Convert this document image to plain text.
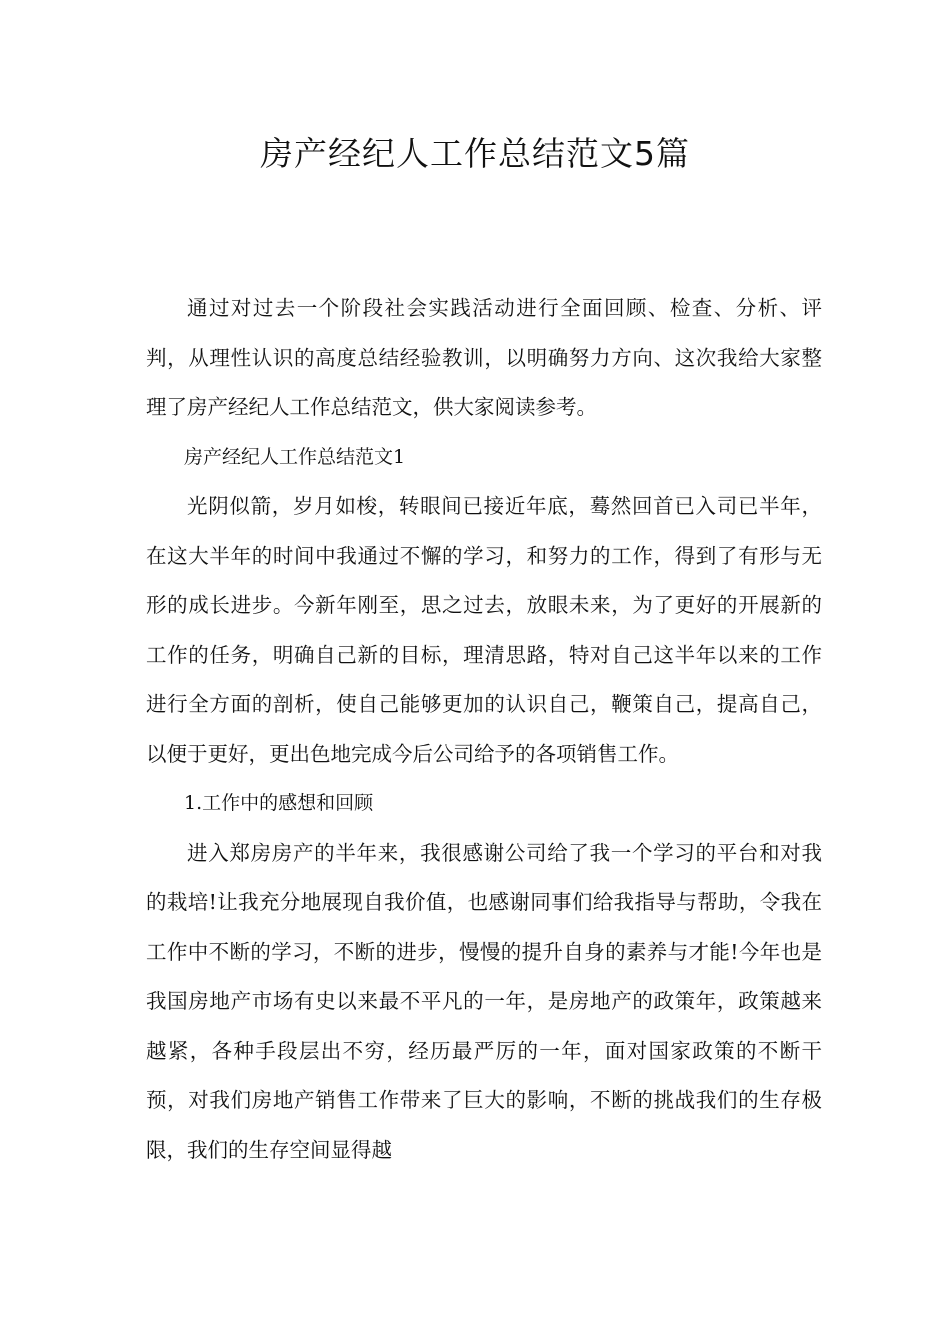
房产经纪人工作总结范文5篇

通过对过去一个阶段社会实践活动进行全面回顾、检查、分析、评判，从理性认识的高度总结经验教训，以明确努力方向、这次我给大家整理了房产经纪人工作总结范文，供大家阅读参考。

房产经纪人工作总结范文1

光阴似箭，岁月如梭，转眼间已接近年底，蓦然回首已入司已半年，在这大半年的时间中我通过不懈的学习，和努力的工作，得到了有形与无形的成长进步。今新年刚至，思之过去，放眼未来，为了更好的开展新的工作的任务，明确自己新的目标，理清思路，特对自己这半年以来的工作进行全方面的剖析，使自己能够更加的认识自己，鞭策自己，提高自己，以便于更好，更出色地完成今后公司给予的各项销售工作。

1.工作中的感想和回顾

进入郑房房产的半年来，我很感谢公司给了我一个学习的平台和对我的栽培!让我充分地展现自我价值，也感谢同事们给我指导与帮助，令我在工作中不断的学习，不断的进步，慢慢的提升自身的素养与才能!今年也是我国房地产市场有史以来最不平凡的一年，是房地产的政策年，政策越来越紧，各种手段层出不穷，经历最严厉的一年，面对国家政策的不断干预，对我们房地产销售工作带来了巨大的影响，不断的挑战我们的生存极限，我们的生存空间显得越
